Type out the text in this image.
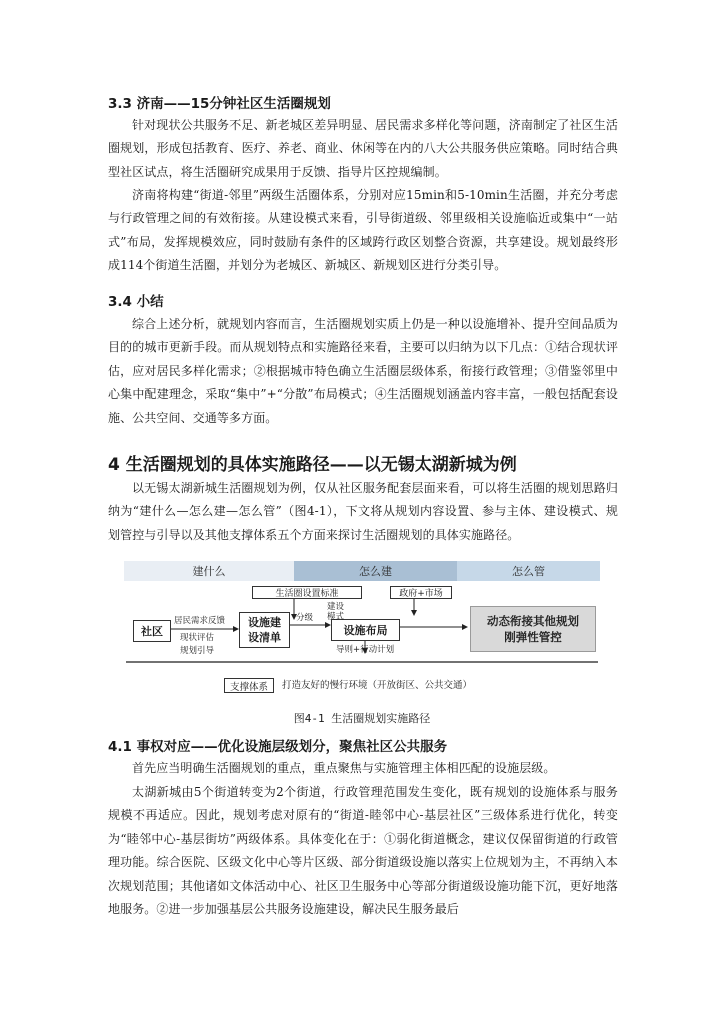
3.3 济南——15分钟社区生活圈规划

针对现状公共服务不足、新老城区差异明显、居民需求多样化等问题，济南制定了社区生活圈规划，形成包括教育、医疗、养老、商业、休闲等在内的八大公共服务供应策略。同时结合典型社区试点，将生活圈研究成果用于反馈、指导片区控规编制。

济南将构建“街道-邻里”两级生活圈体系，分别对应15min和5-10min生活圈，并充分考虑与行政管理之间的有效衔接。从建设模式来看，引导街道级、邻里级相关设施临近或集中“一站式”布局，发挥规模效应，同时鼓励有条件的区域跨行政区划整合资源，共享建设。规划最终形成114个街道生活圈，并划分为老城区、新城区、新规划区进行分类引导。

3.4 小结

综合上述分析，就规划内容而言，生活圈规划实质上仍是一种以设施增补、提升空间品质为目的的城市更新手段。而从规划特点和实施路径来看，主要可以归纳为以下几点：①结合现状评估，应对居民多样化需求；②根据城市特色确立生活圈层级体系，衔接行政管理；③借鉴邻里中心集中配建理念，采取“集中”+“分散”布局模式；④生活圈规划涵盖内容丰富，一般包括配套设施、公共空间、交通等多方面。

4 生活圈规划的具体实施路径——以无锡太湖新城为例

以无锡太湖新城生活圈规划为例，仅从社区服务配套层面来看，可以将生活圈的规划思路归纳为“建什么—怎么建—怎么管”（图4-1），下文将从规划内容设置、参与主体、建设模式、规划管控与引导以及其他支撑体系五个方面来探讨生活圈规划的具体实施路径。

建什么	怎么建	怎么管
社区
设施建
设清单
设施布局
动态衔接其他规划
刚弹性管控
生活圈设置标准	政府+市场
居民需求反馈
现状评估
规划引导
分级
建设
模式
导则+行动计划
支撑体系	打造友好的慢行环境（开放街区、公共交通）

图4-1 生活圈规划实施路径

4.1 事权对应——优化设施层级划分，聚焦社区公共服务

首先应当明确生活圈规划的重点，重点聚焦与实施管理主体相匹配的设施层级。

太湖新城由5个街道转变为2个街道，行政管理范围发生变化，既有规划的设施体系与服务规模不再适应。因此，规划考虑对原有的“街道-睦邻中心-基层社区”三级体系进行优化，转变为“睦邻中心-基层街坊”两级体系。具体变化在于：①弱化街道概念，建议仅保留街道的行政管理功能。综合医院、区级文化中心等片区级、部分街道级设施以落实上位规划为主，不再纳入本次规划范围；其他诸如文体活动中心、社区卫生服务中心等部分街道级设施功能下沉，更好地落地服务。②进一步加强基层公共服务设施建设，解决民生服务最后
